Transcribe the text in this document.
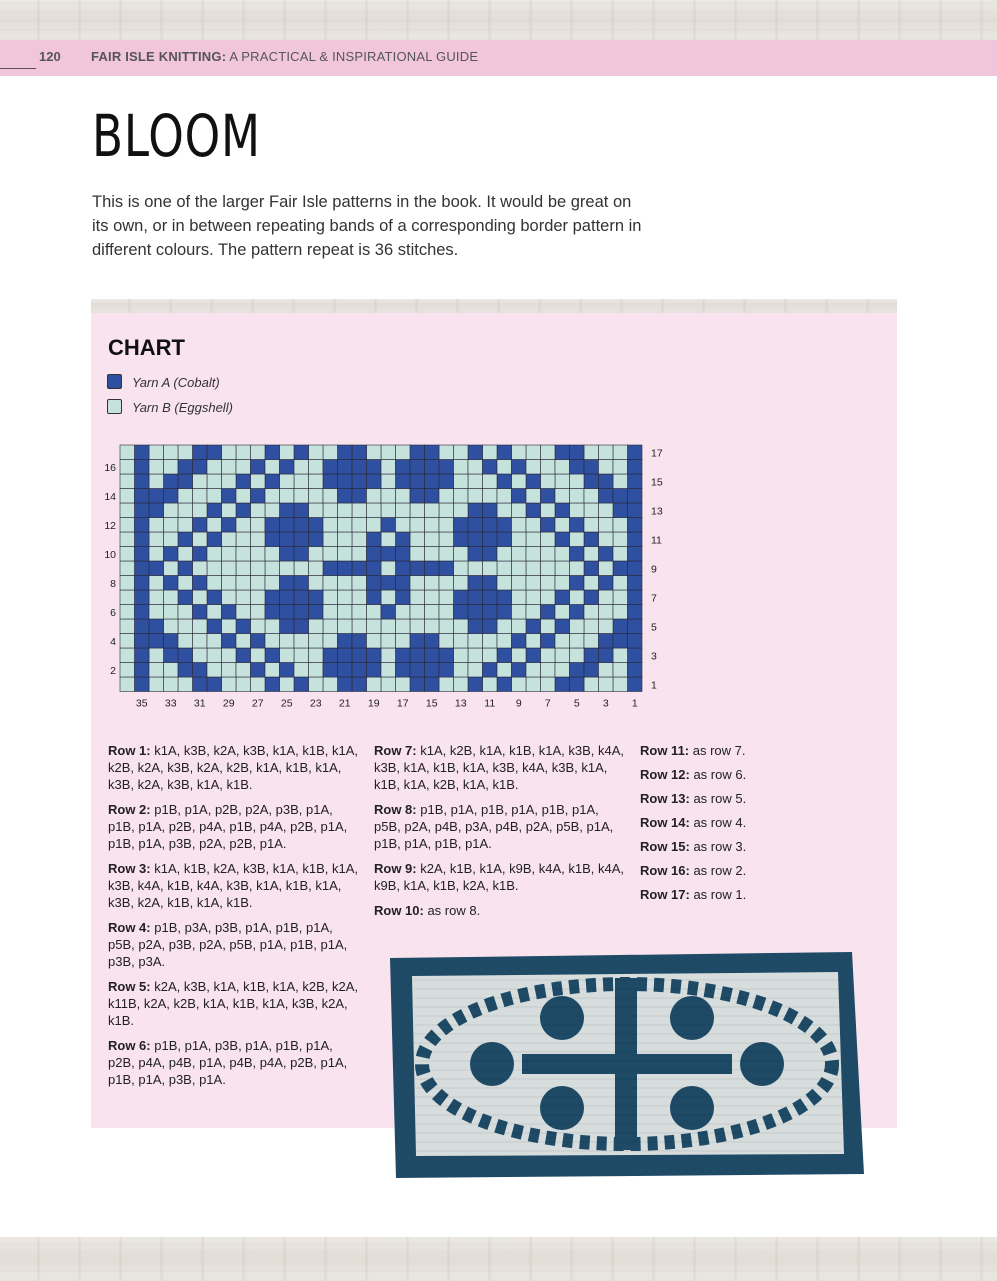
120 FAIR ISLE KNITTING: A PRACTICAL & INSPIRATIONAL GUIDE
BLOOM
This is one of the larger Fair Isle patterns in the book. It would be great on its own, or in between repeating bands of a corresponding border pattern in different colours. The pattern repeat is 36 stitches.
CHART
Yarn A (Cobalt)
Yarn B (Eggshell)
16
14
12
10
8
6
4
2
17
15
13
11
9
7
5
3
1
35 33 31 29 27 25 23 21 19 17 15 13 11 9 7 5 3 1

Row 1: k1A, k3B, k2A, k3B, k1A, k1B, k1A, k2B, k2A, k3B, k2A, k2B, k1A, k1B, k1A, k3B, k2A, k3B, k1A, k1B.

Row 2: p1B, p1A, p2B, p2A, p3B, p1A, p1B, p1A, p2B, p4A, p1B, p4A, p2B, p1A, p1B, p1A, p3B, p2A, p2B, p1A.

Row 3: k1A, k1B, k2A, k3B, k1A, k1B, k1A, k3B, k4A, k1B, k4A, k3B, k1A, k1B, k1A, k3B, k2A, k1B, k1A, k1B.

Row 4: p1B, p3A, p3B, p1A, p1B, p1A, p5B, p2A, p3B, p2A, p5B, p1A, p1B, p1A, p3B, p3A.

Row 5: k2A, k3B, k1A, k1B, k1A, k2B, k2A, k11B, k2A, k2B, k1A, k1B, k1A, k3B, k2A, k1B.

Row 6: p1B, p1A, p3B, p1A, p1B, p1A, p2B, p4A, p4B, p1A, p4B, p4A, p2B, p1A, p1B, p1A, p3B, p1A.

Row 7: k1A, k2B, k1A, k1B, k1A, k3B, k4A, k3B, k1A, k1B, k1A, k3B, k4A, k3B, k1A, k1B, k1A, k2B, k1A, k1B.

Row 8: p1B, p1A, p1B, p1A, p1B, p1A, p5B, p2A, p4B, p3A, p4B, p2A, p5B, p1A, p1B, p1A, p1B, p1A.

Row 9: k2A, k1B, k1A, k9B, k4A, k1B, k4A, k9B, k1A, k1B, k2A, k1B.

Row 10: as row 8.

Row 11: as row 7.

Row 12: as row 6.

Row 13: as row 5.

Row 14: as row 4.

Row 15: as row 3.

Row 16: as row 2.

Row 17: as row 1.
